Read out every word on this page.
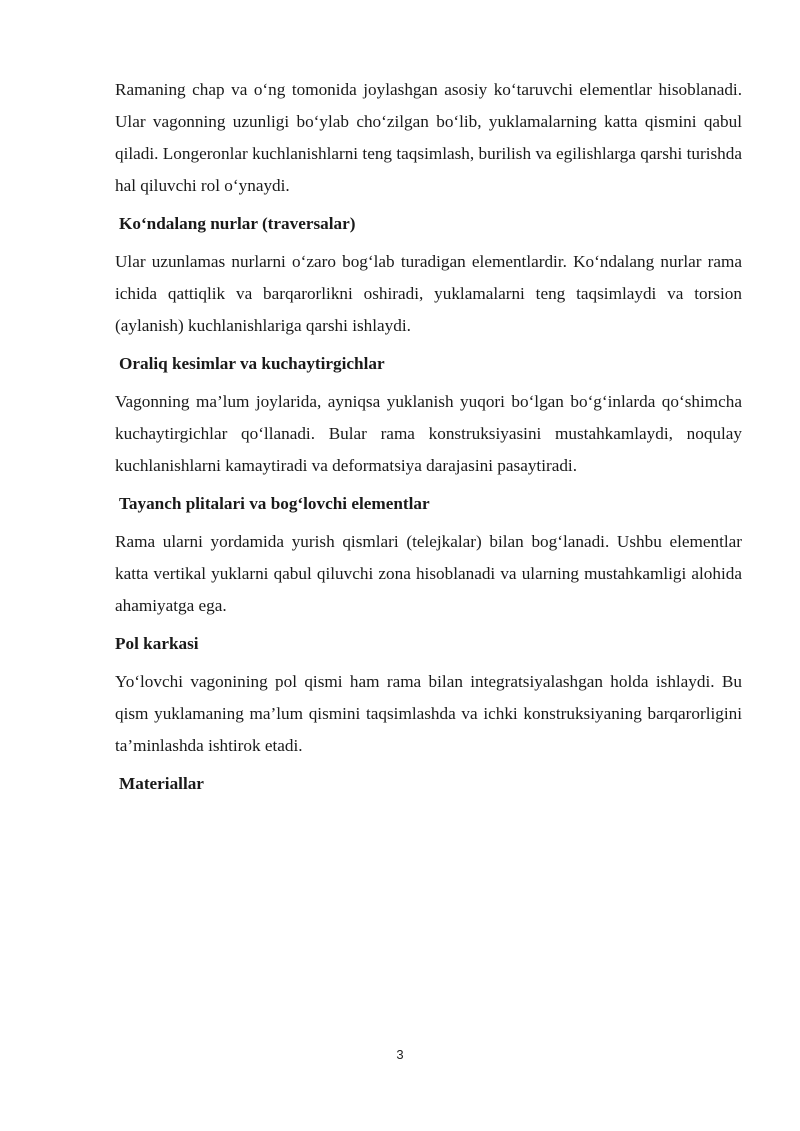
Ramaning chap va o‘ng tomonida joylashgan asosiy ko‘taruvchi elementlar hisoblanadi. Ular vagonning uzunligi bo‘ylab cho‘zilgan bo‘lib, yuklamalarning katta qismini qabul qiladi. Longeronlar kuchlanishlarni teng taqsimlash, burilish va egilishlarga qarshi turishda hal qiluvchi rol o‘ynaydi.

Ko‘ndalang nurlar (traversalar)

Ular uzunlamas nurlarni o‘zaro bog‘lab turadigan elementlardir. Ko‘ndalang nurlar rama ichida qattiqlik va barqarorlikni oshiradi, yuklamalarni teng taqsimlaydi va torsion (aylanish) kuchlanishlariga qarshi ishlaydi.

Oraliq kesimlar va kuchaytirgichlar

Vagonning ma’lum joylarida, ayniqsa yuklanish yuqori bo‘lgan bo‘g‘inlarda qo‘shimcha kuchaytirgichlar qo‘llanadi. Bular rama konstruksiyasini mustahkamlaydi, noqulay kuchlanishlarni kamaytiradi va deformatsiya darajasini pasaytiradi.

Tayanch plitalari va bog‘lovchi elementlar

Rama ularni yordamida yurish qismlari (telejkalar) bilan bog‘lanadi. Ushbu elementlar katta vertikal yuklarni qabul qiluvchi zona hisoblanadi va ularning mustahkamligi alohida ahamiyatga ega.

Pol karkasi

Yo‘lovchi vagonining pol qismi ham rama bilan integratsiyalashgan holda ishlaydi. Bu qism yuklamaning ma’lum qismini taqsimlashda va ichki konstruksiyaning barqarorligini ta’minlashda ishtirok etadi.

Materiallar
3
